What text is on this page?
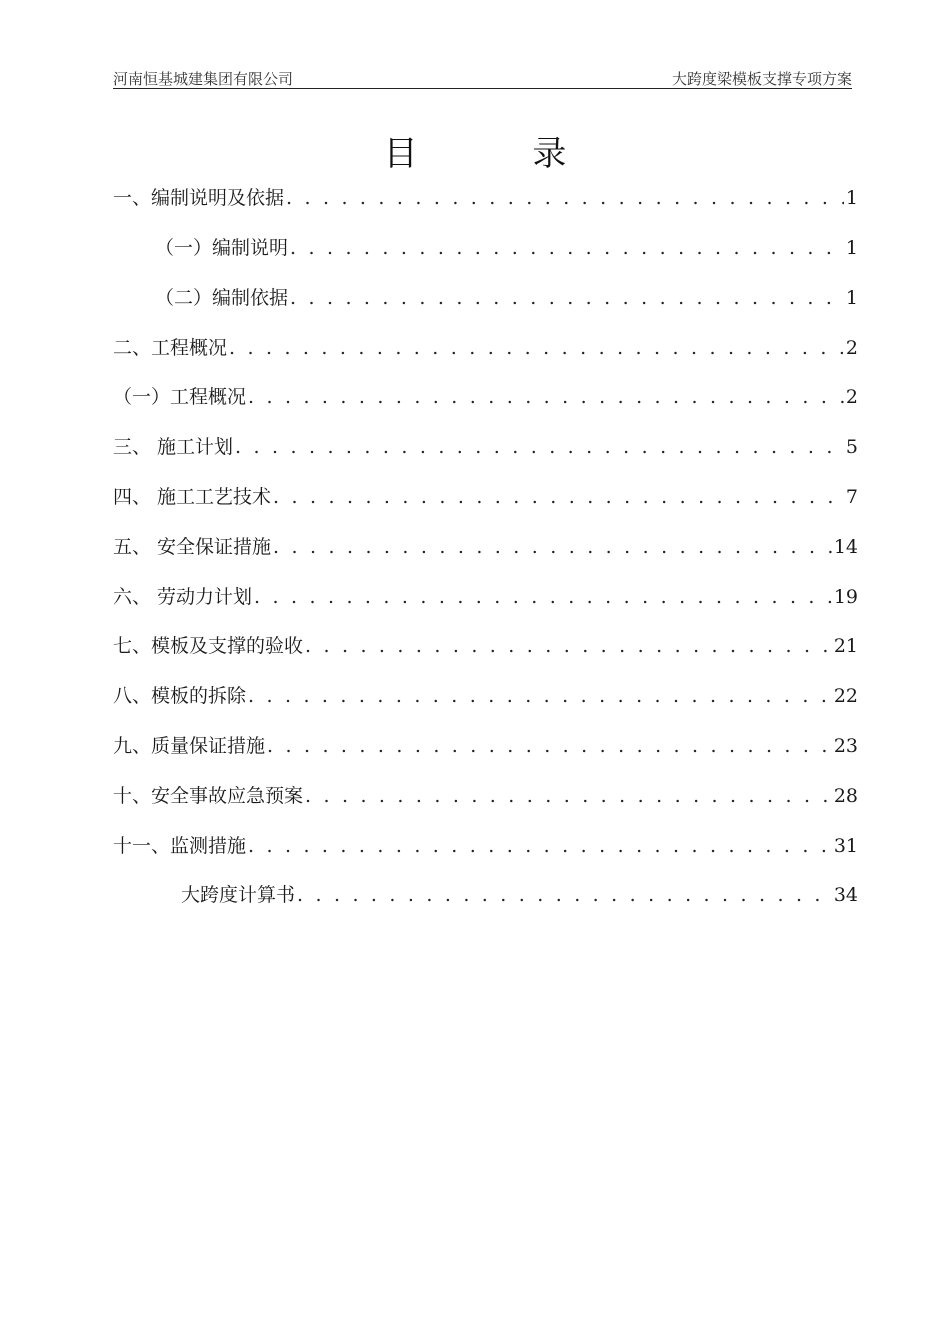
河南恒基城建集团有限公司	大跨度梁模板支撑专项方案
目 录
一、编制说明及依据 . . .	1
（一）编制说明 . . .	1
（二）编制依据 . . .	1
二、工程概况 . . .	2
（一）工程概况 . . .	2
三、 施工计划 . . .	5
四、 施工工艺技术 . . .	7
五、 安全保证措施 . . .	14
六、 劳动力计划 . . .	19
七、模板及支撑的验收 . . .	21
八、模板的拆除 . . .	22
九、质量保证措施 . . .	23
十、安全事故应急预案 . . .	28
十一、监测措施 . . .	31
大跨度计算书 . . .	34
